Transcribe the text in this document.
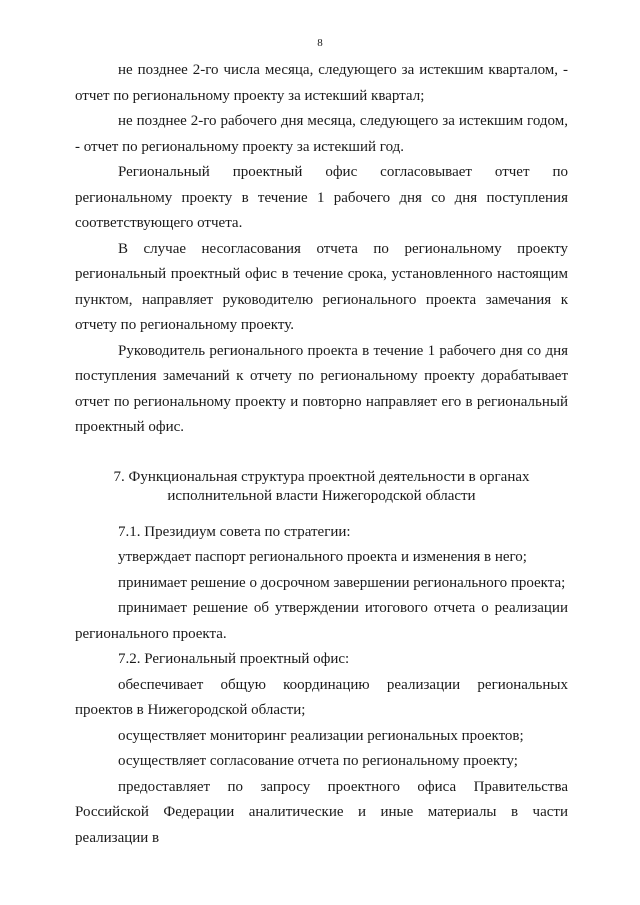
8

не позднее 2-го числа месяца, следующего за истекшим кварталом, - отчет по региональному проекту за истекший квартал;

не позднее 2-го рабочего дня месяца, следующего за истекшим годом, - отчет по региональному проекту за истекший год.

Региональный проектный офис согласовывает отчет по региональному проекту в течение 1 рабочего дня со дня поступления соответствующего отчета.

В случае несогласования отчета по региональному проекту региональный проектный офис в течение срока, установленного настоящим пунктом, направляет руководителю регионального проекта замечания к отчету по региональному проекту.

Руководитель регионального проекта в течение 1 рабочего дня со дня поступления замечаний к отчету по региональному проекту дорабатывает отчет по региональному проекту и повторно направляет его в региональный проектный офис.

7. Функциональная структура проектной деятельности в органах исполнительной власти Нижегородской области

7.1. Президиум совета по стратегии:

утверждает паспорт регионального проекта и изменения в него;

принимает решение о досрочном завершении регионального проекта;

принимает решение об утверждении итогового отчета о реализации регионального проекта.

7.2. Региональный проектный офис:

обеспечивает общую координацию реализации региональных проектов в Нижегородской области;

осуществляет мониторинг реализации региональных проектов;

осуществляет согласование отчета по региональному проекту;

предоставляет по запросу проектного офиса Правительства Российской Федерации аналитические и иные материалы в части реализации в
